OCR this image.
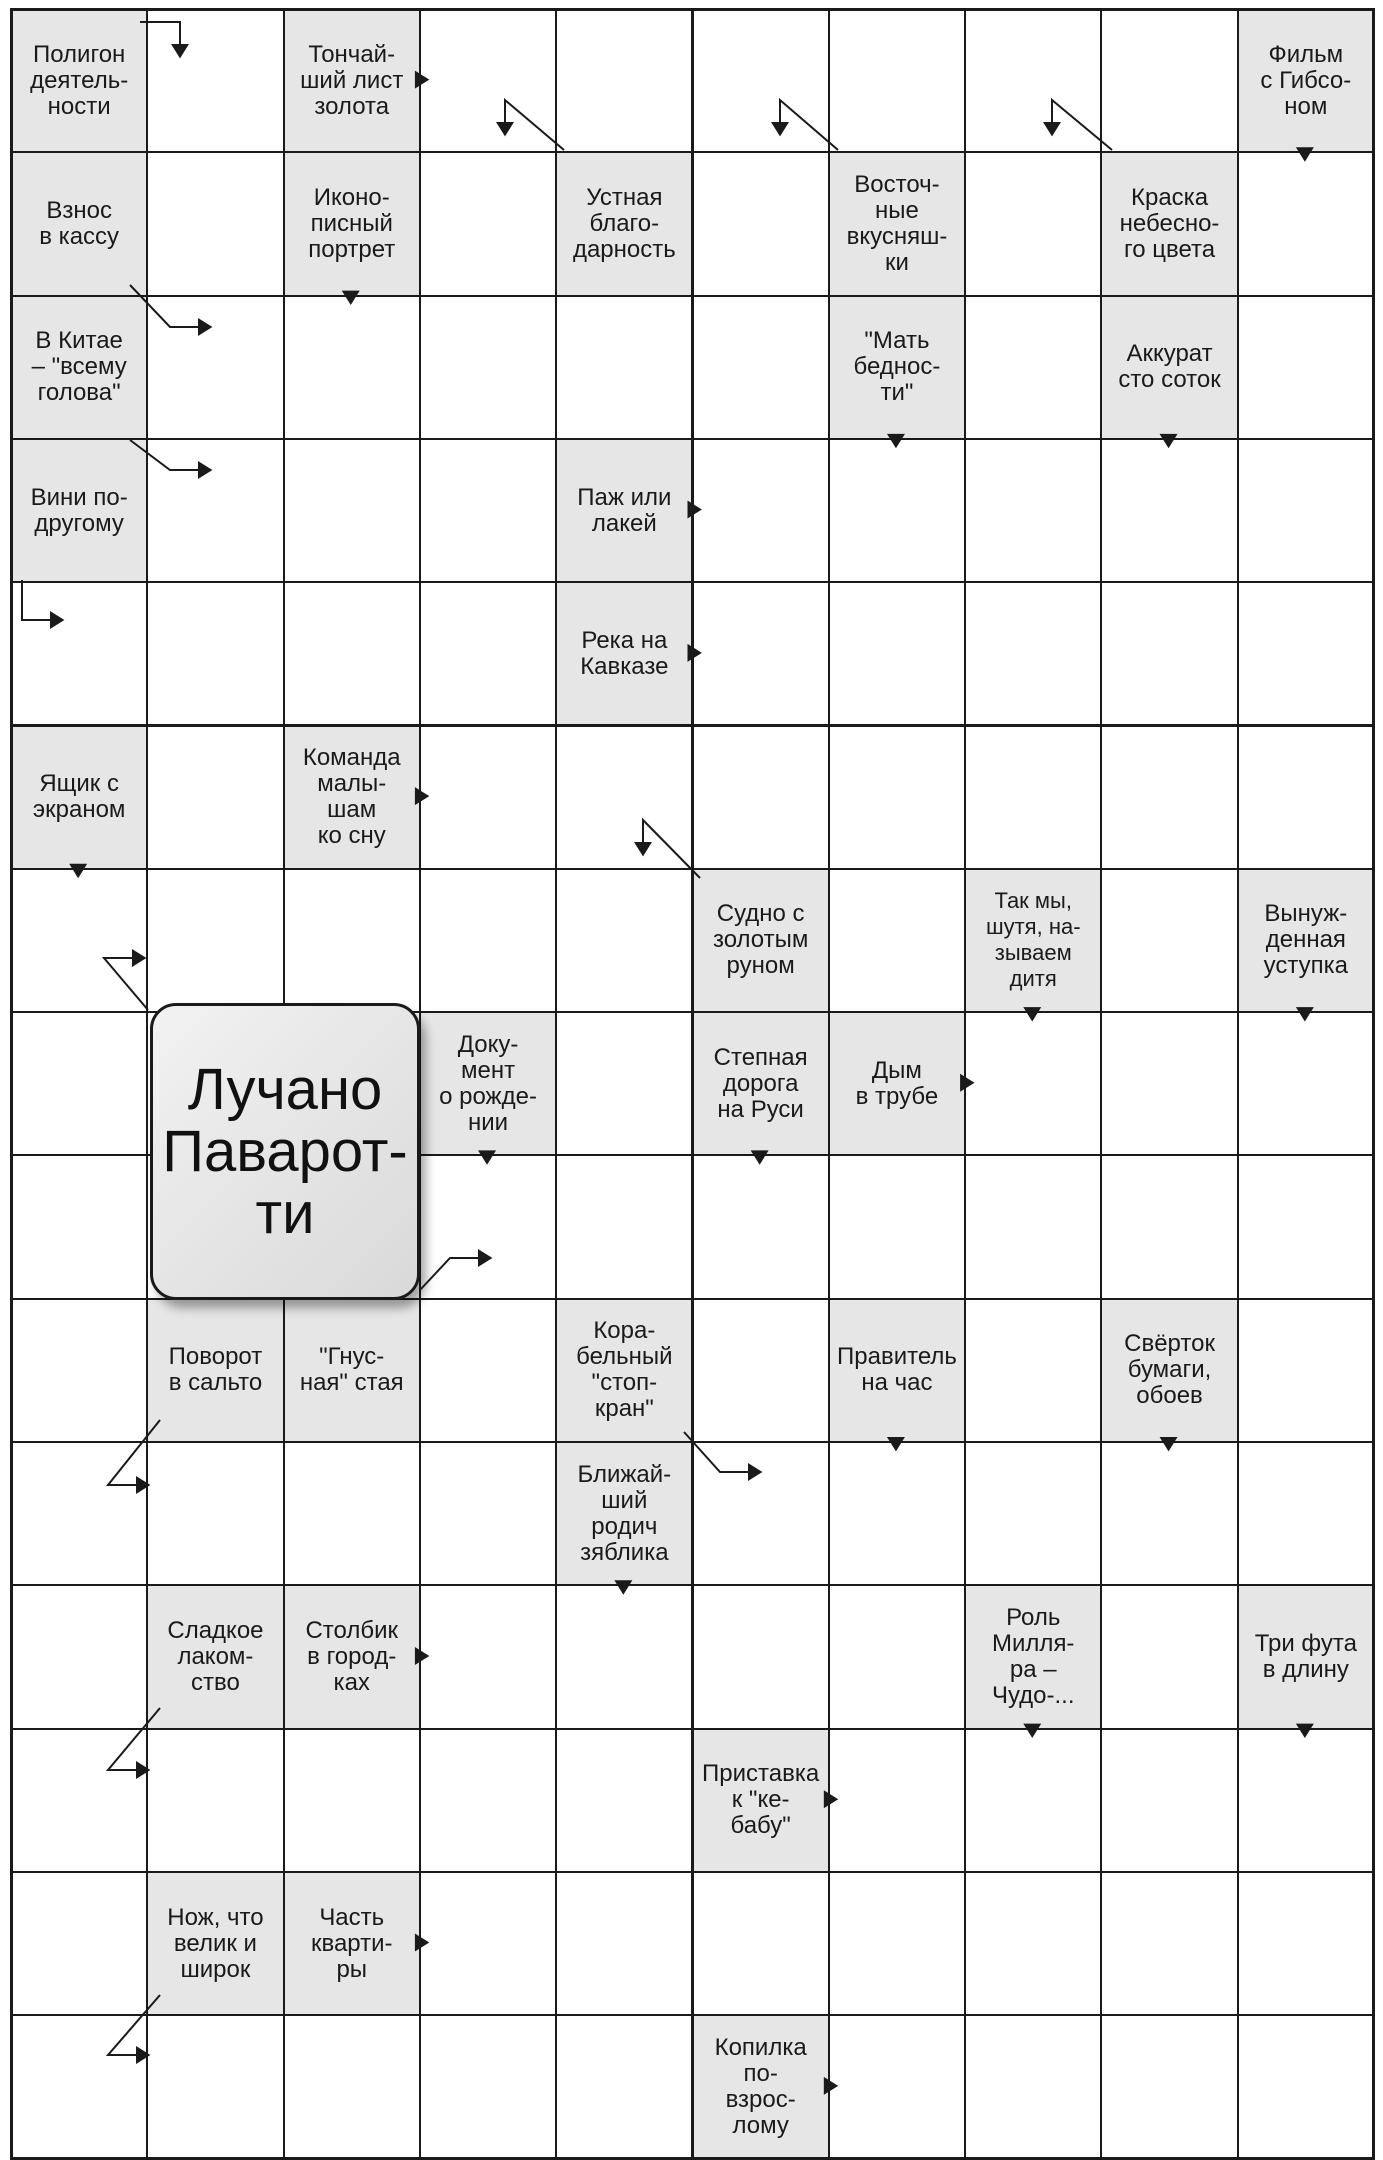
Полигон
деятель-
ности
Тончай-
ший лист
золота
Фильм
с Гибсо-
ном
Взнос
в кассу
Иконо-
писный
портрет
Устная
благо-
дарность
Восточ-
ные
вкусняш-
ки
Краска
небесно-
го цвета
В Китае
– "всему
голова"
"Мать
беднос-
ти"
Аккурат
сто соток
Вини по-
другому
Паж или
лакей
Река на
Кавказе
Ящик с
экраном
Команда
малы-
шам
ко сну
Судно с
золотым
руном
Так мы,
шутя, на-
зываем
дитя
Вынуж-
денная
уступка
Доку-
мент
о рожде-
нии
Степная
дорога
на Руси
Дым
в трубе
Поворот
в сальто
"Гнус-
ная" стая
Кора-
бельный
"стоп-
кран"
Правитель
на час
Свёрток
бумаги,
обоев
Ближай-
ший
родич
зяблика
Сладкое
лаком-
ство
Столбик
в город-
ках
Роль
Милля-
ра –
Чудо-...
Три фута
в длину
Приставка к "ке-
бабу"
Нож, что
велик и
широк
Часть
кварти-
ры
Копилка
по-
взрос-
лому
Лучано
Паварот-
ти
